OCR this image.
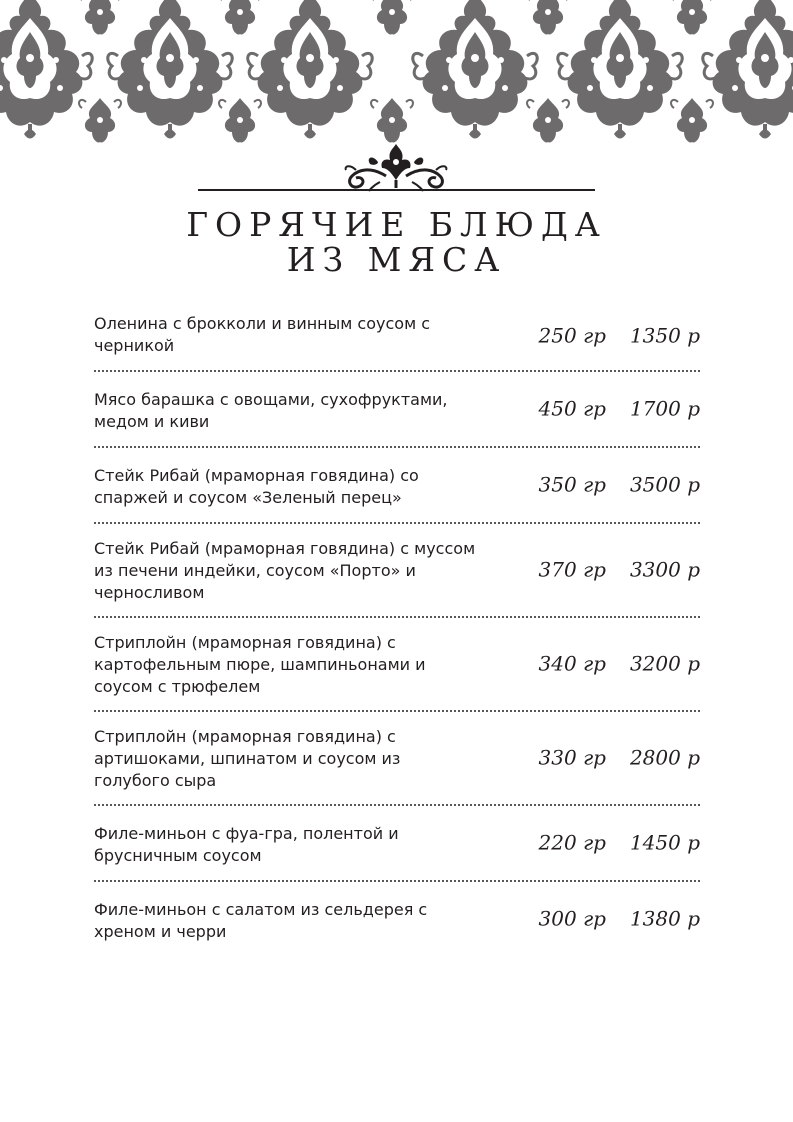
ГОРЯЧИЕ БЛЮДА
ИЗ МЯСА
Оленина с брокколи и винным соусом с черникой	250 гр 1350 р
Мясо барашка с овощами, сухофруктами, медом и киви
450 гр 1700 р
Стейк Рибай (мраморная говядина) со спаржей и соусом «Зеленый перец»
350 гр 3500 р
Стейк Рибай (мраморная говядина) с муссом из печени индейки, соусом «Порто» и черносливом
370 гр 3300 р
Стриплойн (мраморная говядина) с картофельным пюре, шампиньонами и соусом с трюфелем
340 гр 3200 р
Стриплойн (мраморная говядина) с артишоками, шпинатом и соусом из голубого сыра
330 гр 2800 р
Филе-миньон с фуа-гра, полентой и брусничным соусом
220 гр 1450 р
Филе-миньон с салатом из сельдерея с хреном и черри
300 гр 1380 р
